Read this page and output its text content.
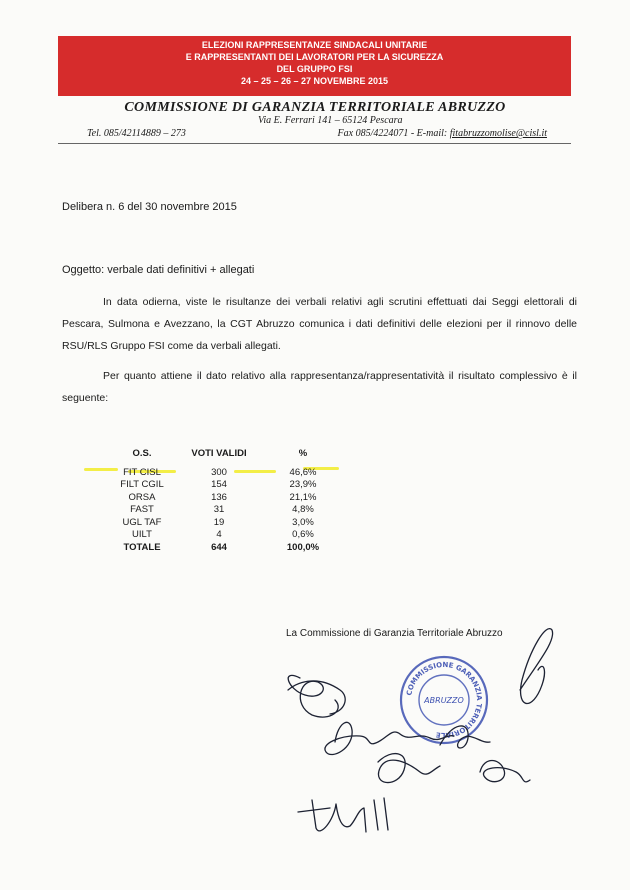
ELEZIONI RAPPRESENTANZE SINDACALI UNITARIE
E RAPPRESENTANTI DEI LAVORATORI PER LA SICUREZZA
DEL GRUPPO FSI
24 – 25 – 26 – 27 NOVEMBRE 2015
COMMISSIONE DI GARANZIA TERRITORIALE ABRUZZO
Via E. Ferrari 141 – 65124 Pescara
Tel. 085/42114889 – 273	Fax 085/4224071 - E-mail: fitabruzzomolise@cisl.it
Delibera n. 6 del 30 novembre 2015
Oggetto: verbale dati definitivi + allegati
In data odierna, viste le risultanze dei verbali relativi agli scrutini effettuati dai Seggi elettorali di Pescara, Sulmona e Avezzano, la CGT Abruzzo comunica i dati definitivi delle elezioni per il rinnovo delle RSU/RLS Gruppo FSI come da verbali allegati.
Per quanto attiene il dato relativo alla rappresentanza/rappresentatività il risultato complessivo è il seguente:
O.S.	VOTI VALIDI	%
FIT CISL	300	46,6%
FILT CGIL	154	23,9%
ORSA	136	21,1%
FAST	31	4,8%
UGL TAF	19	3,0%
UILT	4	0,6%
TOTALE	644	100,0%
La Commissione di Garanzia Territoriale Abruzzo
COMMISSIONE GARANZIA TERRITORIALE
ABRUZZO
